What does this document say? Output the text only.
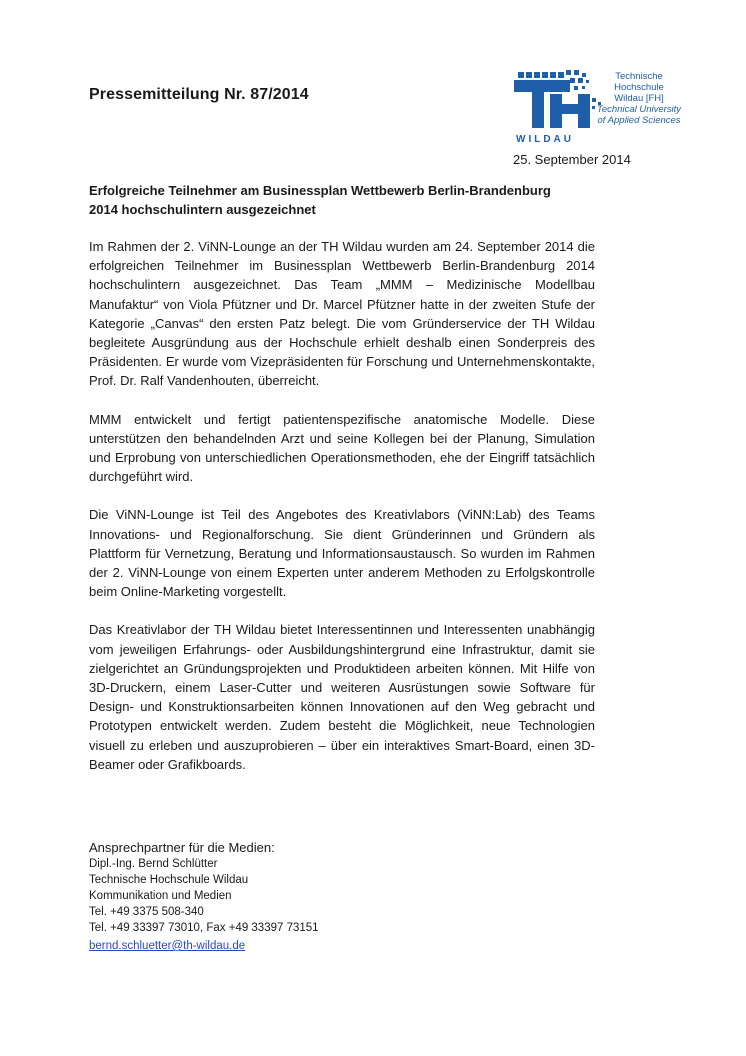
Pressemitteilung Nr. 87/2014
WILDAU
Technische
Hochschule
Wildau [FH]
Technical University
of Applied Sciences
25. September 2014
Erfolgreiche Teilnehmer am Businessplan Wettbewerb Berlin-Brandenburg
2014 hochschulintern ausgezeichnet

Im Rahmen der 2. ViNN-Lounge an der TH Wildau wurden am 24. September 2014 die erfolgreichen Teilnehmer im Businessplan Wettbewerb Berlin-Brandenburg 2014 hochschulintern ausgezeichnet. Das Team „MMM – Medizinische Modellbau Manufaktur“ von Viola Pfützner und Dr. Marcel Pfützner hatte in der zweiten Stufe der Kategorie „Canvas“ den ersten Patz belegt. Die vom Gründerservice der TH Wildau begleitete Ausgründung aus der Hochschule erhielt deshalb einen Sonderpreis des Präsidenten. Er wurde vom Vizepräsidenten für Forschung und Unternehmenskontakte, Prof. Dr. Ralf Vandenhouten, überreicht.

MMM entwickelt und fertigt patientenspezifische anatomische Modelle. Diese unterstützen den behandelnden Arzt und seine Kollegen bei der Planung, Simulation und Erprobung von unterschiedlichen Operationsmethoden, ehe der Eingriff tatsächlich durchgeführt wird.

Die ViNN-Lounge ist Teil des Angebotes des Kreativlabors (ViNN:Lab) des Teams Innovations- und Regionalforschung. Sie dient Gründerinnen und Gründern als Plattform für Vernetzung, Beratung und Informationsaustausch. So wurden im Rahmen der 2. ViNN-Lounge von einem Experten unter anderem Methoden zu Erfolgskontrolle beim Online-Marketing vorgestellt.

Das Kreativlabor der TH Wildau bietet Interessentinnen und Interessenten unabhängig vom jeweiligen Erfahrungs- oder Ausbildungshintergrund eine Infrastruktur, damit sie zielgerichtet an Gründungsprojekten und Produktideen arbeiten können. Mit Hilfe von 3D-Druckern, einem Laser-Cutter und weiteren Ausrüstungen sowie Software für Design- und Konstruktionsarbeiten können Innovationen auf den Weg gebracht und Prototypen entwickelt werden. Zudem besteht die Möglichkeit, neue Technologien visuell zu erleben und auszuprobieren – über ein interaktives Smart-Board, einen 3D-Beamer oder Grafikboards.

Ansprechpartner für die Medien:

Dipl.-Ing. Bernd Schlütter
Technische Hochschule Wildau
Kommunikation und Medien
Tel. +49 3375 508-340
Tel. +49 33397 73010, Fax +49 33397 73151
bernd.schluetter@th-wildau.de
